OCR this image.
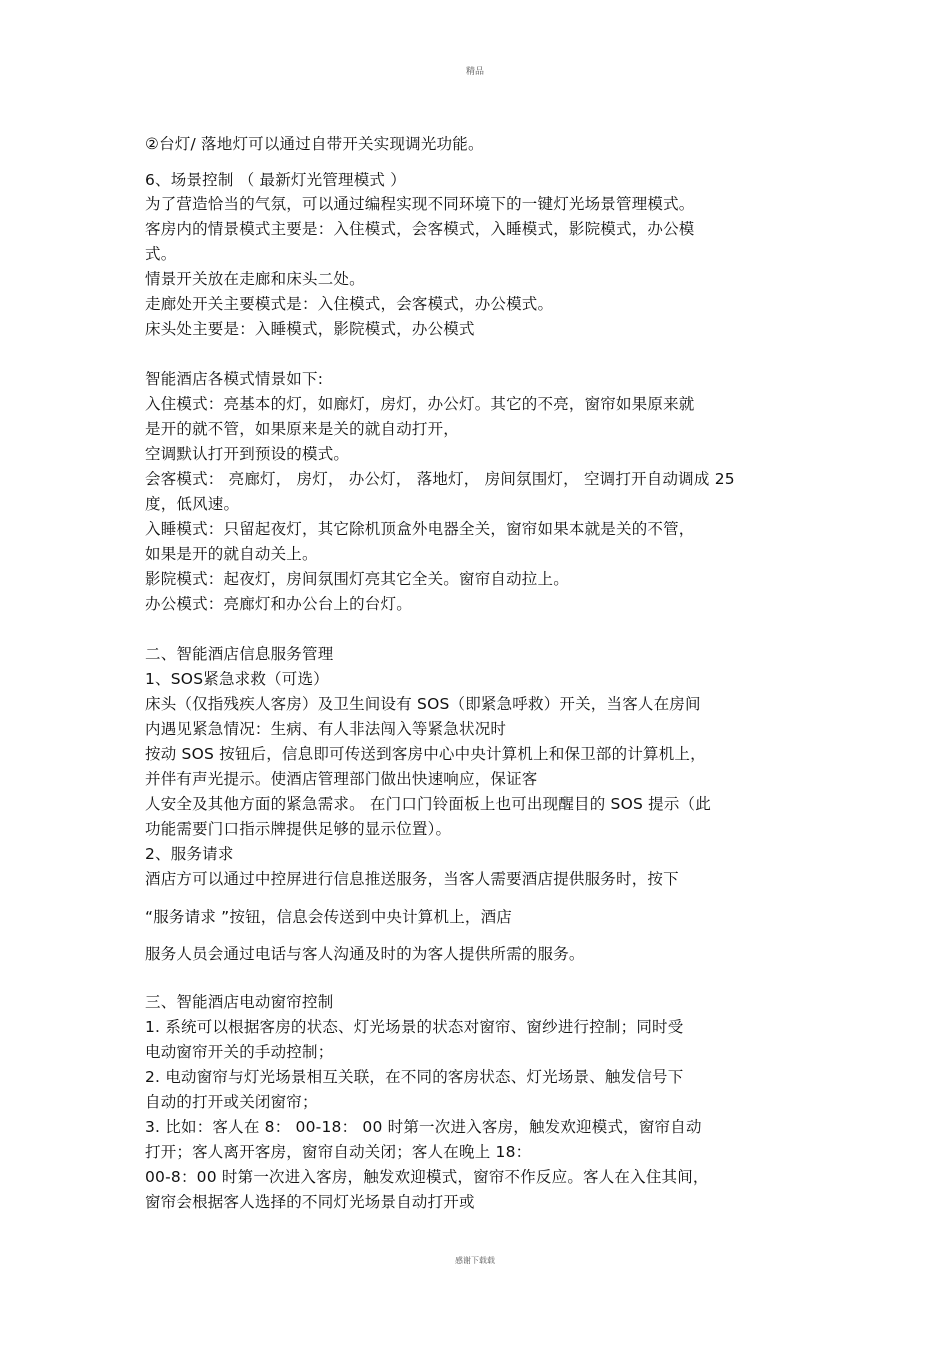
精品
②台灯/ 落地灯可以通过自带开关实现调光功能。
6、场景控制 （ 最新灯光管理模式 ）
为了营造恰当的气氛，可以通过编程实现不同环境下的一键灯光场景管理模式。
客房内的情景模式主要是：入住模式，会客模式，入睡模式，影院模式，办公模
式。
情景开关放在走廊和床头二处。
走廊处开关主要模式是：入住模式，会客模式，办公模式。
床头处主要是：入睡模式，影院模式，办公模式
智能酒店各模式情景如下:
入住模式：亮基本的灯，如廊灯，房灯，办公灯。其它的不亮，窗帘如果原来就
是开的就不管，如果原来是关的就自动打开，
空调默认打开到预设的模式。
会客模式： 亮廊灯， 房灯， 办公灯， 落地灯， 房间氛围灯， 空调打开自动调成 25
度，低风速。
入睡模式：只留起夜灯，其它除机顶盒外电器全关，窗帘如果本就是关的不管，
如果是开的就自动关上。
影院模式：起夜灯，房间氛围灯亮其它全关。窗帘自动拉上。
办公模式：亮廊灯和办公台上的台灯。
二、智能酒店信息服务管理
1、SOS紧急求救（可选）
床头（仅指残疾人客房）及卫生间设有 SOS（即紧急呼救）开关，当客人在房间
内遇见紧急情况：生病、有人非法闯入等紧急状况时
按动 SOS 按钮后，信息即可传送到客房中心中央计算机上和保卫部的计算机上，
并伴有声光提示。使酒店管理部门做出快速响应，保证客
人安全及其他方面的紧急需求。 在门口门铃面板上也可出现醒目的 SOS 提示（此
功能需要门口指示牌提供足够的显示位置）。
2、服务请求
酒店方可以通过中控屏进行信息推送服务，当客人需要酒店提供服务时，按下
“服务请求 ”按钮，信息会传送到中央计算机上，酒店
服务人员会通过电话与客人沟通及时的为客人提供所需的服务。
三、智能酒店电动窗帘控制
1. 系统可以根据客房的状态、灯光场景的状态对窗帘、窗纱进行控制；同时受
电动窗帘开关的手动控制；
2. 电动窗帘与灯光场景相互关联，在不同的客房状态、灯光场景、触发信号下
自动的打开或关闭窗帘；
3. 比如：客人在 8： 00-18： 00 时第一次进入客房，触发欢迎模式，窗帘自动
打开；客人离开客房，窗帘自动关闭；客人在晚上 18：
00-8：00 时第一次进入客房，触发欢迎模式，窗帘不作反应。客人在入住其间，
窗帘会根据客人选择的不同灯光场景自动打开或
感谢下载载
